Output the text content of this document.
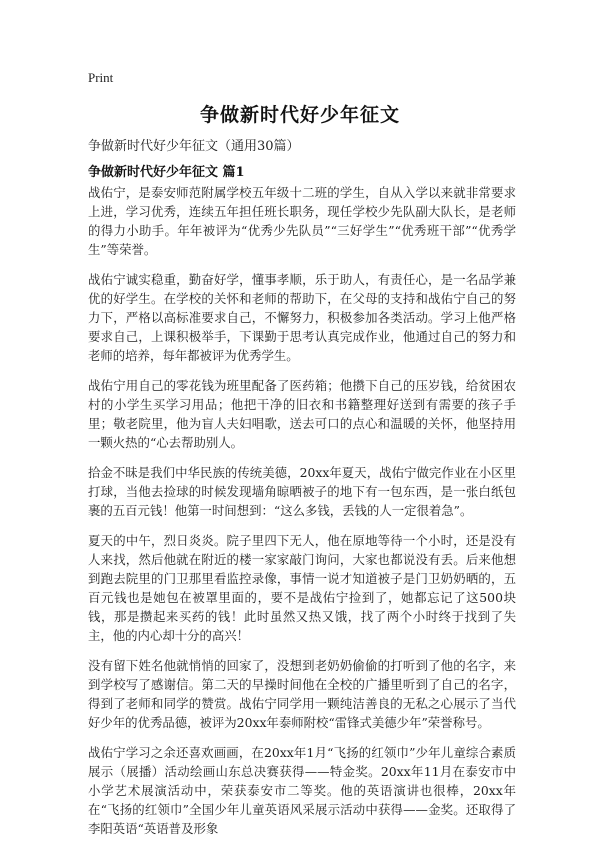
Print
争做新时代好少年征文
争做新时代好少年征文（通用30篇）
争做新时代好少年征文 篇1

战佑宁，是泰安师范附属学校五年级十二班的学生，自从入学以来就非常要求上进，学习优秀，连续五年担任班长职务，现任学校少先队副大队长，是老师的得力小助手。年年被评为“优秀少先队员”“三好学生”“优秀班干部”“优秀学生”等荣誉。

战佑宁诚实稳重，勤奋好学，懂事孝顺，乐于助人，有责任心，是一名品学兼优的好学生。在学校的关怀和老师的帮助下，在父母的支持和战佑宁自己的努力下，严格以高标准要求自己，不懈努力，积极参加各类活动。学习上他严格要求自己，上课积极举手，下课勤于思考认真完成作业，他通过自己的努力和老师的培养，每年都被评为优秀学生。

战佑宁用自己的零花钱为班里配备了医药箱；他攒下自己的压岁钱，给贫困农村的小学生买学习用品；他把干净的旧衣和书籍整理好送到有需要的孩子手里；敬老院里，他为盲人夫妇唱歌，送去可口的点心和温暖的关怀，他坚持用一颗火热的“心去帮助别人。

拾金不昧是我们中华民族的传统美德，20xx年夏天，战佑宁做完作业在小区里打球，当他去捡球的时候发现墙角晾晒被子的地下有一包东西，是一张白纸包裹的五百元钱！他第一时间想到：“这么多钱，丢钱的人一定很着急”。

夏天的中午，烈日炎炎。院子里四下无人，他在原地等待一个小时，还是没有人来找，然后他就在附近的楼一家家敲门询问，大家也都说没有丢。后来他想到跑去院里的门卫那里看监控录像，事情一说才知道被子是门卫奶奶晒的，五百元钱也是她包在被罩里面的，要不是战佑宁捡到了，她都忘记了这500块钱，那是攒起来买药的钱！此时虽然又热又饿，找了两个小时终于找到了失主，他的内心却十分的高兴！

没有留下姓名他就悄悄的回家了，没想到老奶奶偷偷的打听到了他的名字，来到学校写了感谢信。第二天的早操时间他在全校的广播里听到了自己的名字，得到了老师和同学的赞赏。战佑宁同学用一颗纯洁善良的无私之心展示了当代好少年的优秀品德，被评为20xx年泰师附校“雷锋式美德少年”荣誉称号。

战佑宁学习之余还喜欢画画，在20xx年1月“飞扬的红领巾”少年儿童综合素质展示（展播）活动绘画山东总决赛获得——特金奖。20xx年11月在泰安市中小学艺术展演活动中，荣获泰安市二等奖。他的英语演讲也很棒，20xx年在“飞扬的红领巾”全国少年儿童英语风采展示活动中获得——金奖。还取得了李阳英语“英语普及形象
